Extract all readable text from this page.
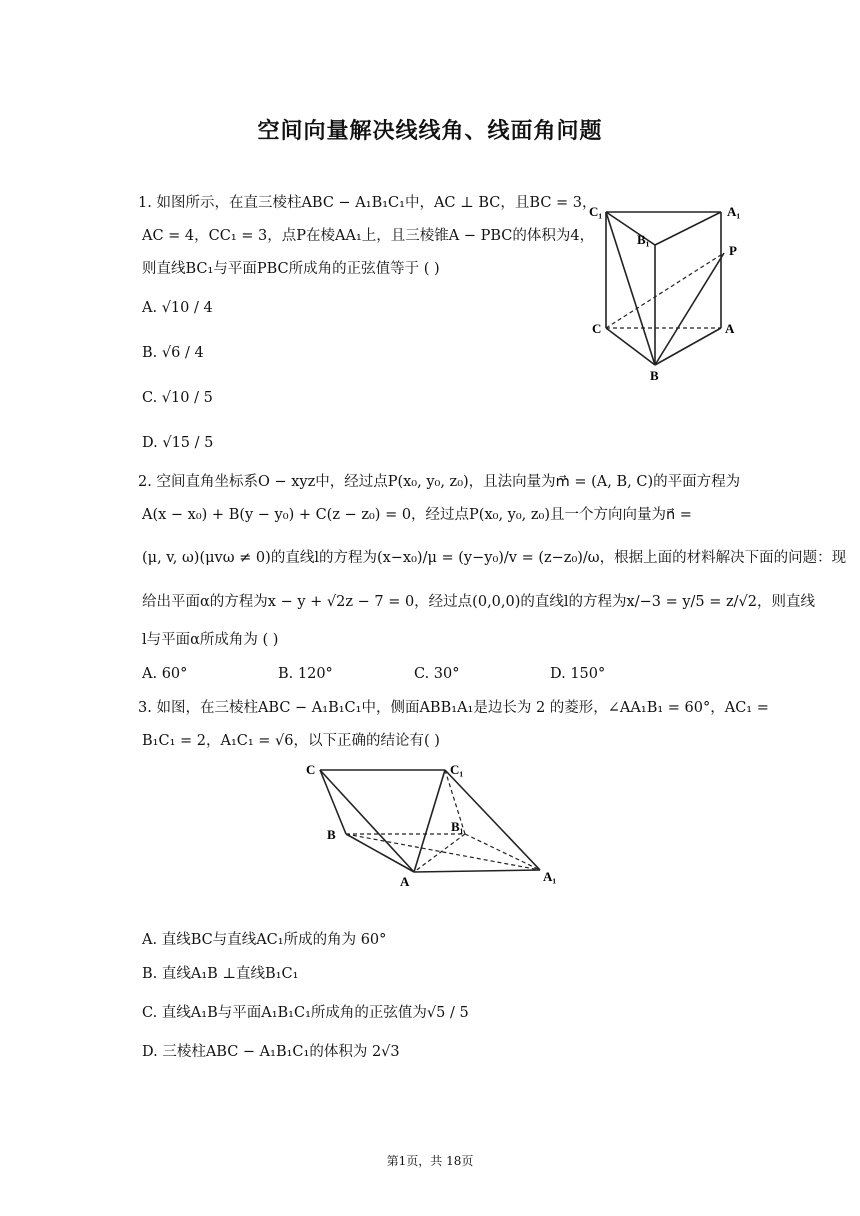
空间向量解决线线角、线面角问题
1. 如图所示，在直三棱柱ABC − A₁B₁C₁中，AC ⊥ BC，且BC = 3，
AC = 4，CC₁ = 3，点P在棱AA₁上，且三棱锥A − PBC的体积为4，
则直线BC₁与平面PBC所成角的正弦值等于 ( )
A. √10 / 4
B. √6 / 4
C. √10 / 5
D. √15 / 5
C₁	A₁
B₁
P
C	A
B
2. 空间直角坐标系O − xyz中，经过点P(x₀, y₀, z₀)，且法向量为m⃗ = (A, B, C)的平面方程为
A(x − x₀) + B(y − y₀) + C(z − z₀) = 0，经过点P(x₀, y₀, z₀)且一个方向向量为n⃗ =
(μ, v, ω)(μvω ≠ 0)的直线l的方程为(x−x₀)/μ = (y−y₀)/v = (z−z₀)/ω，根据上面的材料解决下面的问题：现
给出平面α的方程为x − y + √2z − 7 = 0，经过点(0,0,0)的直线l的方程为x/−3 = y/5 = z/√2，则直线
l与平面α所成角为 ( )
A. 60°	B. 120°	C. 30°	D. 150°
3. 如图，在三棱柱ABC − A₁B₁C₁中，侧面ABB₁A₁是边长为 2 的菱形，∠AA₁B₁ = 60°，AC₁ =
B₁C₁ = 2，A₁C₁ = √6，以下正确的结论有( )
C	C₁
B
B₁
A	A₁
A. 直线BC与直线AC₁所成的角为 60°
B. 直线A₁B ⊥直线B₁C₁
C. 直线A₁B与平面A₁B₁C₁所成角的正弦值为√5 / 5
D. 三棱柱ABC − A₁B₁C₁的体积为 2√3
第1页，共 18页
